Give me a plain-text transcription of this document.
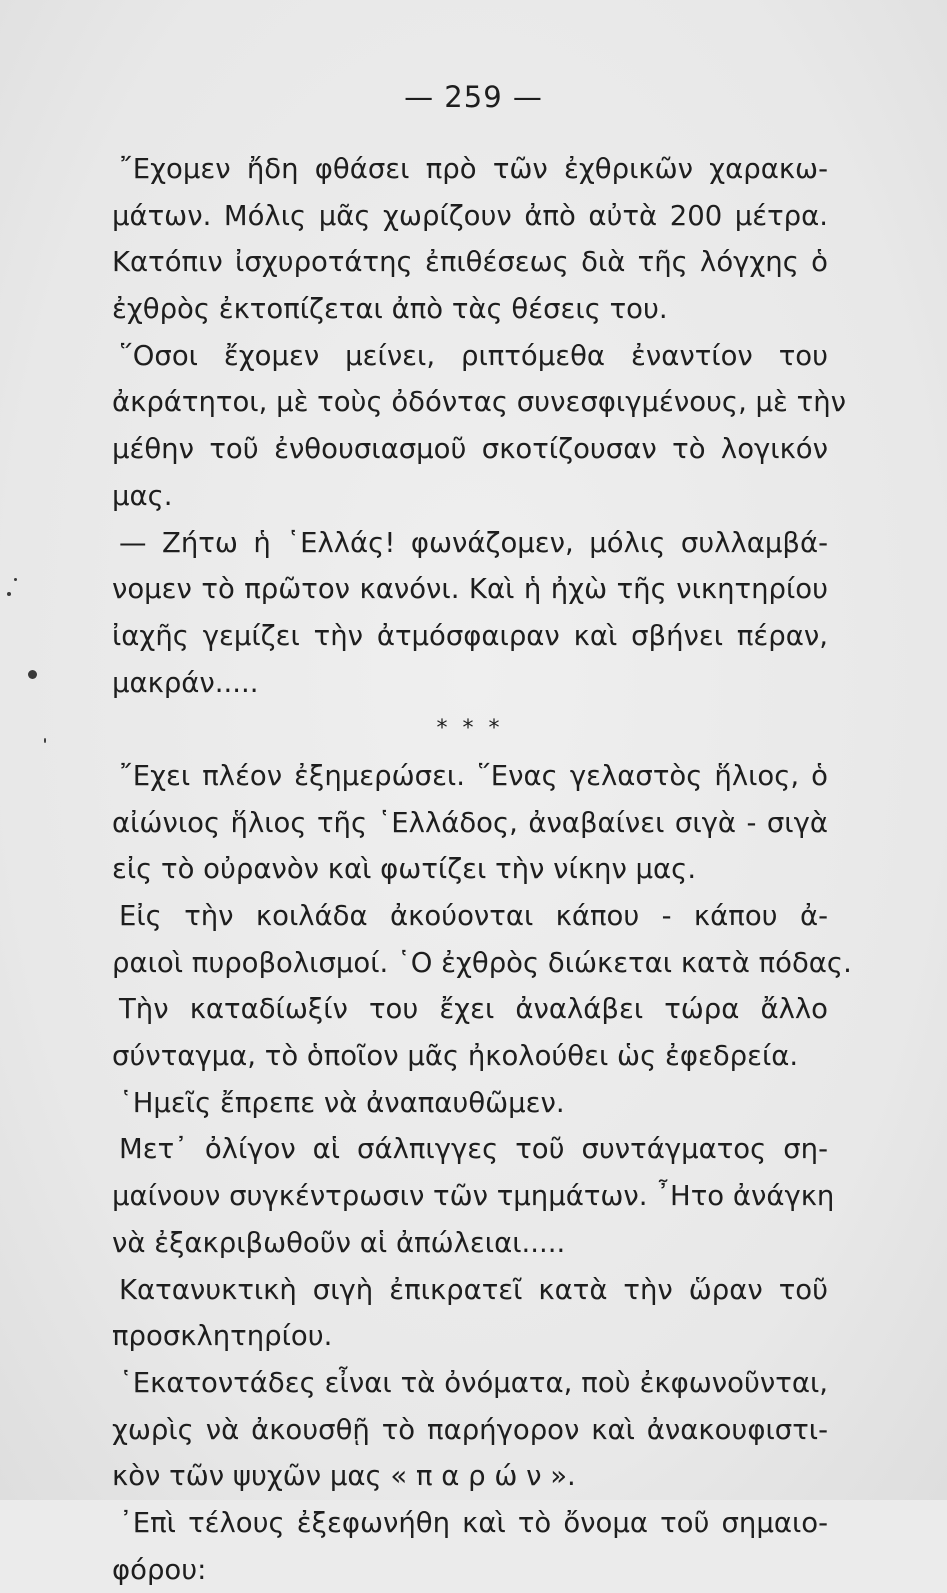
— 259 —
῎Εχομεν ἤδη φθάσει πρὸ τῶν ἐχθρικῶν χαρακω-
μάτων. Μόλις μᾶς χωρίζουν ἀπὸ αὐτὰ 200 μέτρα.
Κατόπιν ἰσχυροτάτης ἐπιθέσεως διὰ τῆς λόγχης ὁ
ἐχθρὸς ἐκτοπίζεται ἀπὸ τὰς θέσεις του.
῞Οσοι ἔχομεν μείνει, ριπτόμεθα ἐναντίον του
ἀκράτητοι, μὲ τοὺς ὀδόντας συνεσφιγμένους, μὲ τὴν
μέθην τοῦ ἐνθουσιασμοῦ σκοτίζουσαν τὸ λογικόν
μας.
— Ζήτω ἡ ῾Ελλάς! φωνάζομεν, μόλις συλλαμβά-
νομεν τὸ πρῶτον κανόνι. Καὶ ἡ ἠχὼ τῆς νικητηρίου
ἰαχῆς γεμίζει τὴν ἀτμόσφαιραν καὶ σβήνει πέραν,
μακράν.....
* * *
῎Εχει πλέον ἐξημερώσει. ῞Ενας γελαστὸς ἥλιος, ὁ
αἰώνιος ἥλιος τῆς ῾Ελλάδος, ἀναβαίνει σιγὰ - σιγὰ
εἰς τὸ οὐρανὸν καὶ φωτίζει τὴν νίκην μας.
Εἰς τὴν κοιλάδα ἀκούονται κάπου - κάπου ἀ-
ραιοὶ πυροβολισμοί. ῾Ο ἐχθρὸς διώκεται κατὰ πόδας.
Τὴν καταδίωξίν του ἔχει ἀναλάβει τώρα ἄλλο
σύνταγμα, τὸ ὁποῖον μᾶς ἠκολούθει ὡς ἐφεδρεία.
῾Ημεῖς ἔπρεπε νὰ ἀναπαυθῶμεν.
Μετ᾽ ὀλίγον αἱ σάλπιγγες τοῦ συντάγματος ση-
μαίνουν συγκέντρωσιν τῶν τμημάτων. ῏Ητο ἀνάγκη
νὰ ἐξακριβωθοῦν αἱ ἀπώλειαι.....
Κατανυκτικὴ σιγὴ ἐπικρατεῖ κατὰ τὴν ὥραν τοῦ
προσκλητηρίου.
῾Εκατοντάδες εἶναι τὰ ὀνόματα, ποὺ ἐκφωνοῦνται,
χωρὶς νὰ ἀκουσθῇ τὸ παρήγορον καὶ ἀνακουφιστι-
κὸν τῶν ψυχῶν μας « π α ρ ώ ν ».
᾽Επὶ τέλους ἐξεφωνήθη καὶ τὸ ὄνομα τοῦ σημαιο-
φόρου:
